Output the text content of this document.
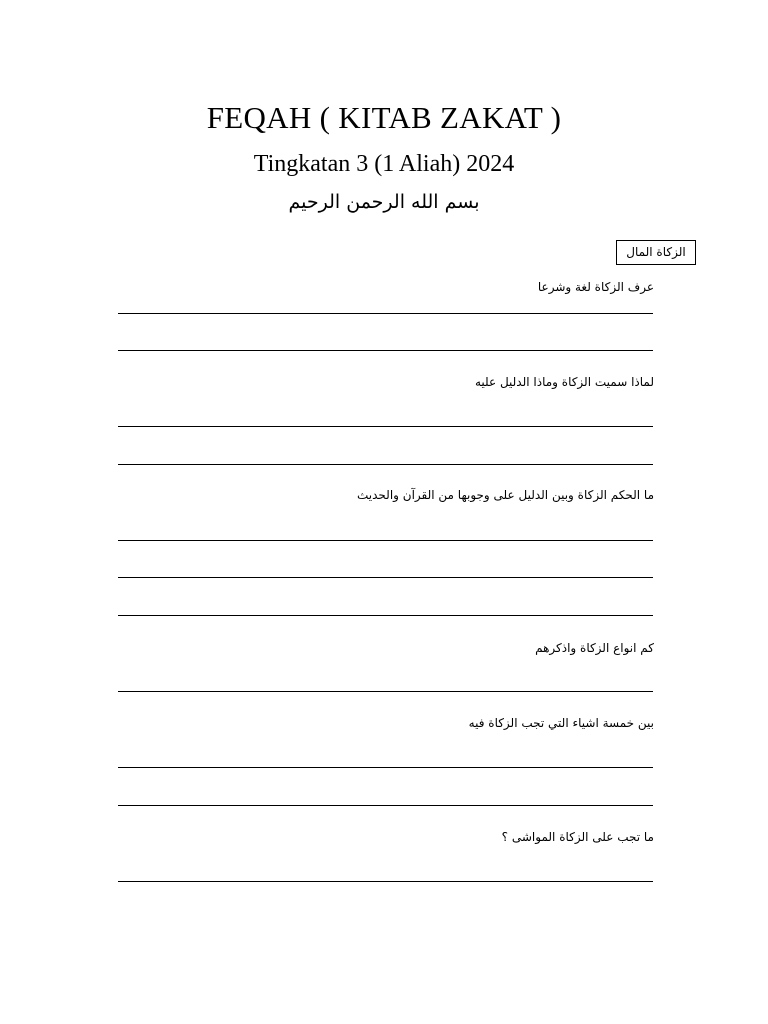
FEQAH ( KITAB ZAKAT )
Tingkatan 3 (1 Aliah) 2024
بسم الله الرحمن الرحيم
الزكاة المال
عرف الزكاة لغة وشرعا
لماذا سميت الزكاة وماذا الدليل عليه
ما الحكم الزكاة وبين الدليل على وجوبها من القرآن والحديث
كم انواع الزكاة واذكرهم
بين خمسة اشياء التي تجب الزكاة فيه
ما تجب على الزكاة المواشى ؟
